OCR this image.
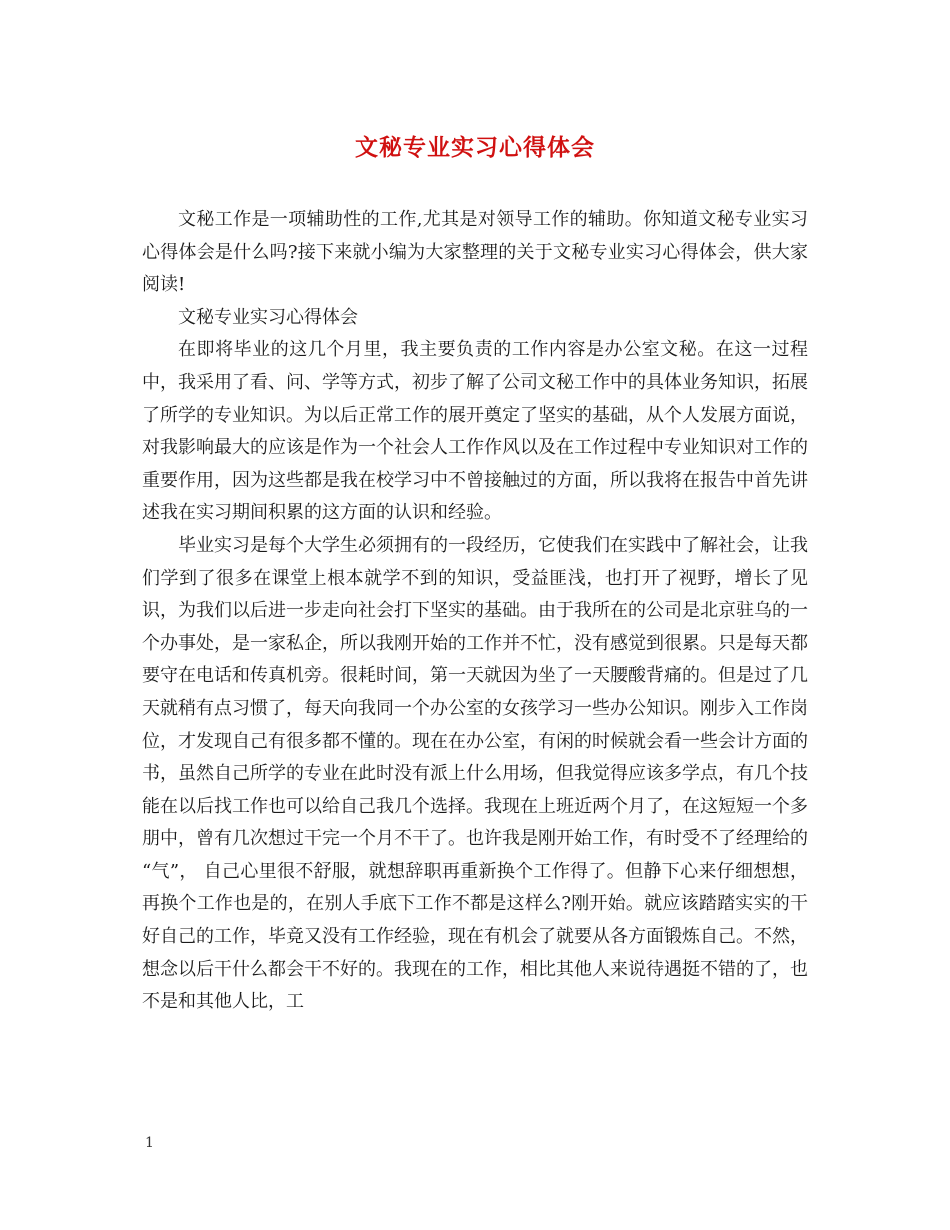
文秘专业实习心得体会

文秘工作是一项辅助性的工作,尤其是对领导工作的辅助。你知道文秘专业实习心得体会是什么吗?接下来就小编为大家整理的关于文秘专业实习心得体会，供大家阅读!

文秘专业实习心得体会

在即将毕业的这几个月里，我主要负责的工作内容是办公室文秘。在这一过程中，我采用了看、问、学等方式，初步了解了公司文秘工作中的具体业务知识，拓展了所学的专业知识。为以后正常工作的展开奠定了坚实的基础，从个人发展方面说，对我影响最大的应该是作为一个社会人工作作风以及在工作过程中专业知识对工作的重要作用，因为这些都是我在校学习中不曾接触过的方面，所以我将在报告中首先讲述我在实习期间积累的这方面的认识和经验。

毕业实习是每个大学生必须拥有的一段经历，它使我们在实践中了解社会，让我们学到了很多在课堂上根本就学不到的知识，受益匪浅，也打开了视野，增长了见识，为我们以后进一步走向社会打下坚实的基础。由于我所在的公司是北京驻乌的一个办事处，是一家私企，所以我刚开始的工作并不忙，没有感觉到很累。只是每天都要守在电话和传真机旁。很耗时间，第一天就因为坐了一天腰酸背痛的。但是过了几天就稍有点习惯了，每天向我同一个办公室的女孩学习一些办公知识。刚步入工作岗位，才发现自己有很多都不懂的。现在在办公室，有闲的时候就会看一些会计方面的书，虽然自己所学的专业在此时没有派上什么用场，但我觉得应该多学点，有几个技能在以后找工作也可以给自己我几个选择。我现在上班近两个月了，在这短短一个多朋中，曾有几次想过干完一个月不干了。也许我是刚开始工作，有时受不了经理给的 “气”， 自己心里很不舒服，就想辞职再重新换个工作得了。但静下心来仔细想想，再换个工作也是的，在别人手底下工作不都是这样么?刚开始。就应该踏踏实实的干好自己的工作，毕竟又没有工作经验，现在有机会了就要从各方面锻炼自己。不然，想念以后干什么都会干不好的。我现在的工作，相比其他人来说待遇挺不错的了，也不是和其他人比，工

1
